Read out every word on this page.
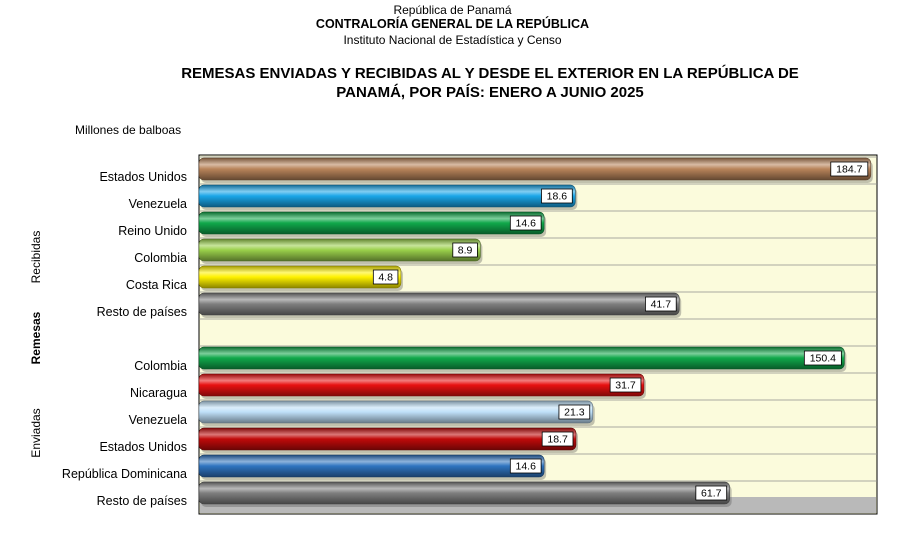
República de Panamá
CONTRALORÍA GENERAL DE LA REPÚBLICA
Instituto Nacional de Estadística y Censo
REMESAS ENVIADAS Y RECIBIDAS AL Y DESDE EL EXTERIOR EN LA REPÚBLICA DE PANAMÁ, POR PAÍS: ENERO A JUNIO 2025
Millones de balboas
Recibidas
Remesas
Enviadas
184.7
Estados Unidos
18.6
Venezuela
14.6
Reino Unido
8.9
Colombia
4.8
Costa Rica
41.7
Resto de países
150.4
Colombia
31.7
Nicaragua
21.3
Venezuela
18.7
Estados Unidos
14.6
República Dominicana
61.7
Resto de países
